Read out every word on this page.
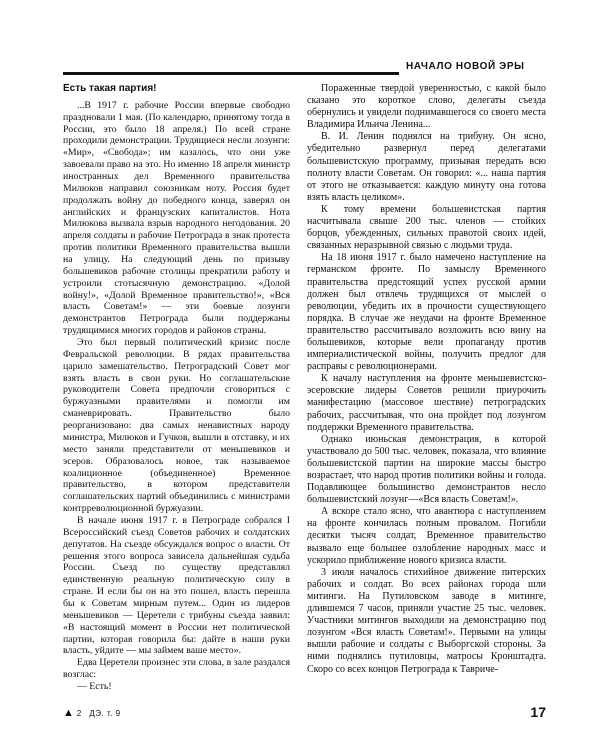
НАЧАЛО НОВОЙ ЭРЫ
Есть такая партия!

...В 1917 г. рабочие России впервые свободно праздновали 1 мая. (По календарю, принятому тогда в России, это было 18 апреля.) По всей стране проходили демонстрации. Трудящиеся несли лозунги: «Мир», «Свобода»; им казалось, что они уже завоевали право на это. Но именно 18 апреля министр иностранных дел Временного правительства Милюков направил союзникам ноту. Россия будет продолжать войну до победного конца, заверял он английских и французских капиталистов. Нота Милюкова вызвала взрыв народного негодования. 20 апреля солдаты и рабочие Петрограда в знак протеста против политики Временного правительства вышли на улицу. На следующий день по призыву большевиков рабочие столицы прекратили работу и устроили стотысячную демонстрацию. «Долой войну!», «Долой Временное правительство!», «Вся власть Советам!» — эти боевые лозунги демонстрантов Петрограда были поддержаны трудящимися многих городов и районов страны.

Это был первый политический кризис после Февральской революции. В рядах правительства царило замешательство. Петроградский Совет мог взять власть в свои руки. Но соглашательские руководители Совета предпочли сговориться с буржуазными правителями и помогли им сманеврировать. Правительство было реорганизовано: два самых ненавистных народу министра, Милюков и Гучков, вышли в отставку, и их место заняли представители от меньшевиков и эсеров. Образовалось новое, так называемое коалиционное (объединенное) Временное правительство, в котором представители соглашательских партий объединились с министрами контрреволюционной буржуазии.

В начале июня 1917 г. в Петрограде собрался I Всероссийский съезд Советов рабочих и солдатских депутатов. На съезде обсуждался вопрос о власти. От решения этого вопроса зависела дальнейшая судьба России. Съезд по существу представлял единственную реальную политическую силу в стране. И если бы он на это пошел, власть перешла бы к Советам мирным путем... Один из лидеров меньшевиков — Церетели с трибуны съезда заявил: «В настоящий момент в России нет политической партии, которая говорила бы: дайте в наши руки власть, уйдите — мы займем ваше место».

Едва Церетели произнес эти слова, в зале раздался возглас:

— Есть!

Пораженные твердой уверенностью, с какой было сказано это короткое слово, делегаты съезда обернулись и увидели поднимавшегося со своего места Владимира Ильича Ленина...

В. И. Ленин поднялся на трибуну. Он ясно, убедительно развернул перед делегатами большевистскую программу, призывая передать всю полноту власти Советам. Он говорил: «... наша партия от этого не отказывается: каждую минуту она готова взять власть целиком».

К тому времени большевистская партия насчитывала свыше 200 тыс. членов — стойких борцов, убежденных, сильных правотой своих идей, связанных неразрывной связью с людьми труда.

На 18 июня 1917 г. было намечено наступление на германском фронте. По замыслу Временного правительства предстоящий успех русской армии должен был отвлечь трудящихся от мыслей о революции, убедить их в прочности существующего порядка. В случае же неудачи на фронте Временное правительство рассчитывало возложить всю вину на большевиков, которые вели пропаганду против империалистической войны, получить предлог для расправы с революционерами.

К началу наступления на фронте меньшевистско-эсеровские лидеры Советов решили приурочить манифестацию (массовое шествие) петроградских рабочих, рассчитывая, что она пройдет под лозунгом поддержки Временного правительства.

Однако июньская демонстрация, в которой участвовало до 500 тыс. человек, показала, что влияние большевистской партии на широкие массы быстро возрастает, что народ против политики войны и голода. Подавляющее большинство демонстрантов несло большевистский лозунг—«Вся власть Советам!».

А вскоре стало ясно, что авантюра с наступлением на фронте кончилась полным провалом. Погибли десятки тысяч солдат, Временное правительство вызвало еще большее озлобление народных масс и ускорило приближение нового кризиса власти.

3 июля началось стихийное движение питерских рабочих и солдат. Во всех районах города шли митинги. На Путиловском заводе в митинге, длившемся 7 часов, приняли участие 25 тыс. человек. Участники митингов выходили на демонстрацию под лозунгом «Вся власть Советам!». Первыми на улицы вышли рабочие и солдаты с Выборгской стороны. За ними поднялись путиловцы, матросы Кронштадта. Скоро со всех концов Петрограда к Тавриче-

▲ 2 ДЭ. т. 9	17
